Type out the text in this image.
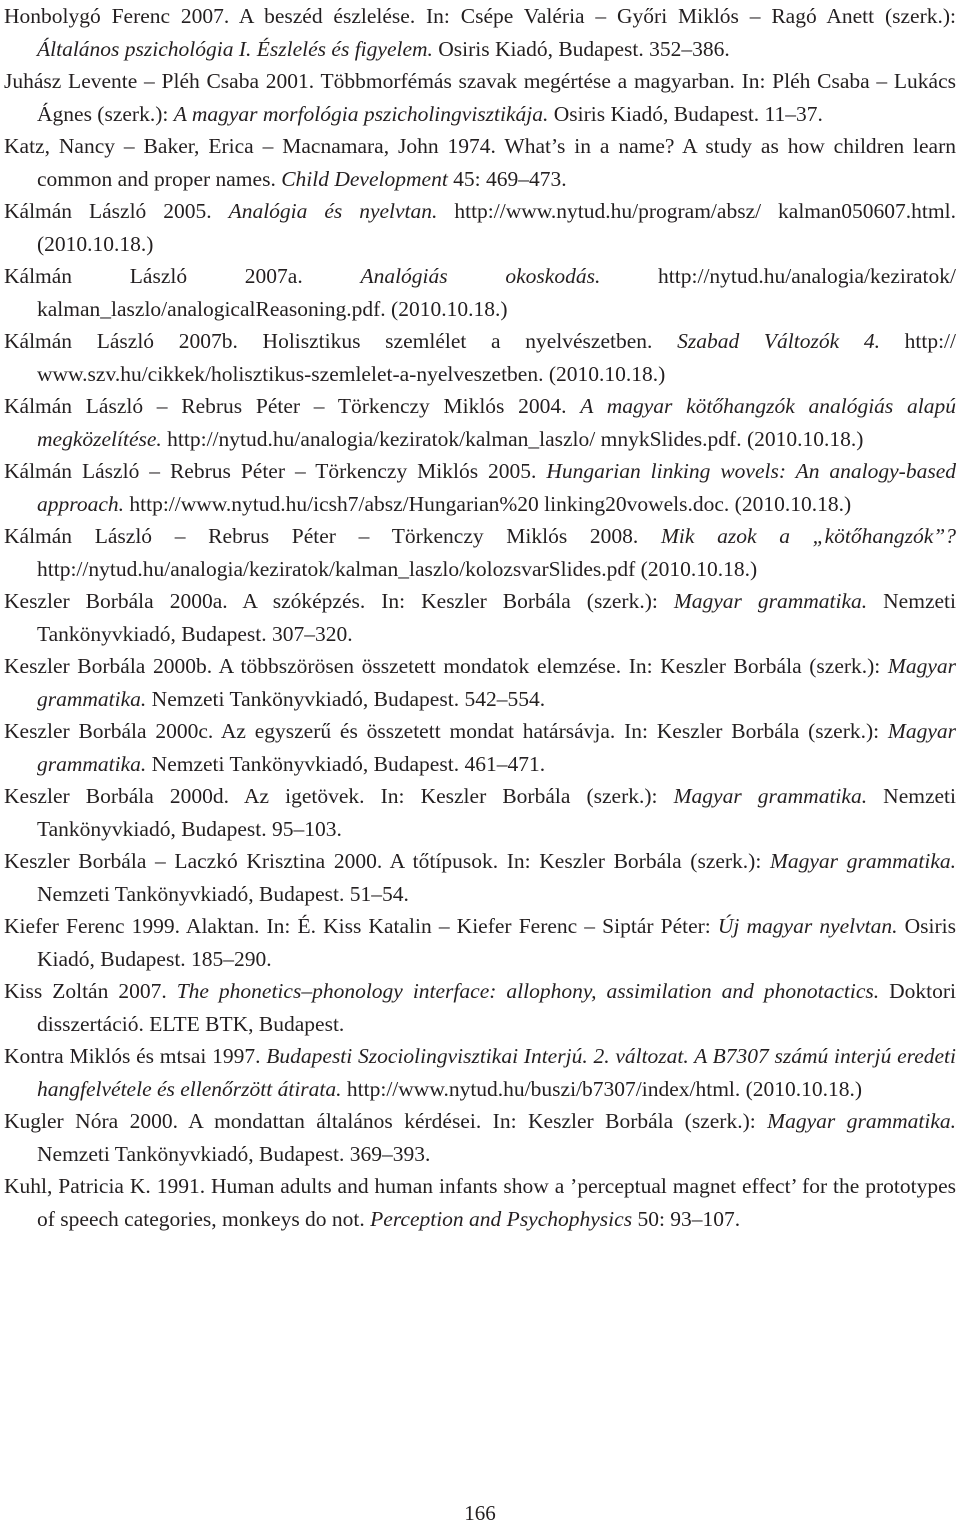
Honbolygó Ferenc 2007. A beszéd észlelése. In: Csépe Valéria ‒ Győri Miklós ‒ Ragó Anett (szerk.): Általános pszichológia I. Észlelés és figyelem. Osiris Kiadó, Budapest. 352‒386.

Juhász Levente ‒ Pléh Csaba 2001. Többmorfémás szavak megértése a magyarban. In: Pléh Csaba ‒ Lukács Ágnes (szerk.): A magyar morfológia pszicholingvisztikája. Osiris Kiadó, Budapest. 11‒37.

Katz, Nancy ‒ Baker, Erica ‒ Macnamara, John 1974. What’s in a name? A study as how children learn common and proper names. Child Development 45: 469‒473.

Kálmán László 2005. Analógia és nyelvtan. http://www.nytud.hu/program/absz/ kalman050607.html. (2010.10.18.)

Kálmán László 2007a. Analógiás okoskodás. http://nytud.hu/analogia/keziratok/ kalman_laszlo/analogicalReasoning.pdf. (2010.10.18.)

Kálmán László 2007b. Holisztikus szemlélet a nyelvészetben. Szabad Változók 4. http:// www.szv.hu/cikkek/holisztikus-szemlelet-a-nyelveszetben. (2010.10.18.)

Kálmán László ‒ Rebrus Péter ‒ Törkenczy Miklós 2004. A magyar kötőhangzók analógiás alapú megközelítése. http://nytud.hu/analogia/keziratok/kalman_laszlo/ mnykSlides.pdf. (2010.10.18.)

Kálmán László ‒ Rebrus Péter ‒ Törkenczy Miklós 2005. Hungarian linking wovels: An analogy-based approach. http://www.nytud.hu/icsh7/absz/Hungarian%20 linking20vowels.doc. (2010.10.18.)

Kálmán László ‒ Rebrus Péter ‒ Törkenczy Miklós 2008. Mik azok a „kötőhangzók”? http://nytud.hu/analogia/keziratok/kalman_laszlo/kolozsvarSlides.pdf (2010.10.18.)

Keszler Borbála 2000a. A szóképzés. In: Keszler Borbála (szerk.): Magyar grammatika. Nemzeti Tankönyvkiadó, Budapest. 307‒320.

Keszler Borbála 2000b. A többszörösen összetett mondatok elemzése. In: Keszler Borbála (szerk.): Magyar grammatika. Nemzeti Tankönyvkiadó, Budapest. 542‒554.

Keszler Borbála 2000c. Az egyszerű és összetett mondat határsávja. In: Keszler Borbála (szerk.): Magyar grammatika. Nemzeti Tankönyvkiadó, Budapest. 461‒471.

Keszler Borbála 2000d. Az igetövek. In: Keszler Borbála (szerk.): Magyar grammatika. Nemzeti Tankönyvkiadó, Budapest. 95‒103.

Keszler Borbála ‒ Laczkó Krisztina 2000. A tőtípusok. In: Keszler Borbála (szerk.): Magyar grammatika. Nemzeti Tankönyvkiadó, Budapest. 51‒54.

Kiefer Ferenc 1999. Alaktan. In: É. Kiss Katalin ‒ Kiefer Ferenc ‒ Siptár Péter: Új magyar nyelvtan. Osiris Kiadó, Budapest. 185‒290.

Kiss Zoltán 2007. The phonetics‒phonology interface: allophony, assimilation and phonotactics. Doktori disszertáció. ELTE BTK, Budapest.

Kontra Miklós és mtsai 1997. Budapesti Szociolingvisztikai Interjú. 2. változat. A B7307 számú interjú eredeti hangfelvétele és ellenőrzött átirata. http://www.nytud.hu/buszi/b7307/index/html. (2010.10.18.)

Kugler Nóra 2000. A mondattan általános kérdései. In: Keszler Borbála (szerk.): Magyar grammatika. Nemzeti Tankönyvkiadó, Budapest. 369‒393.

Kuhl, Patricia K. 1991. Human adults and human infants show a ’perceptual magnet effect’ for the prototypes of speech categories, monkeys do not. Perception and Psychophysics 50: 93‒107.

166
